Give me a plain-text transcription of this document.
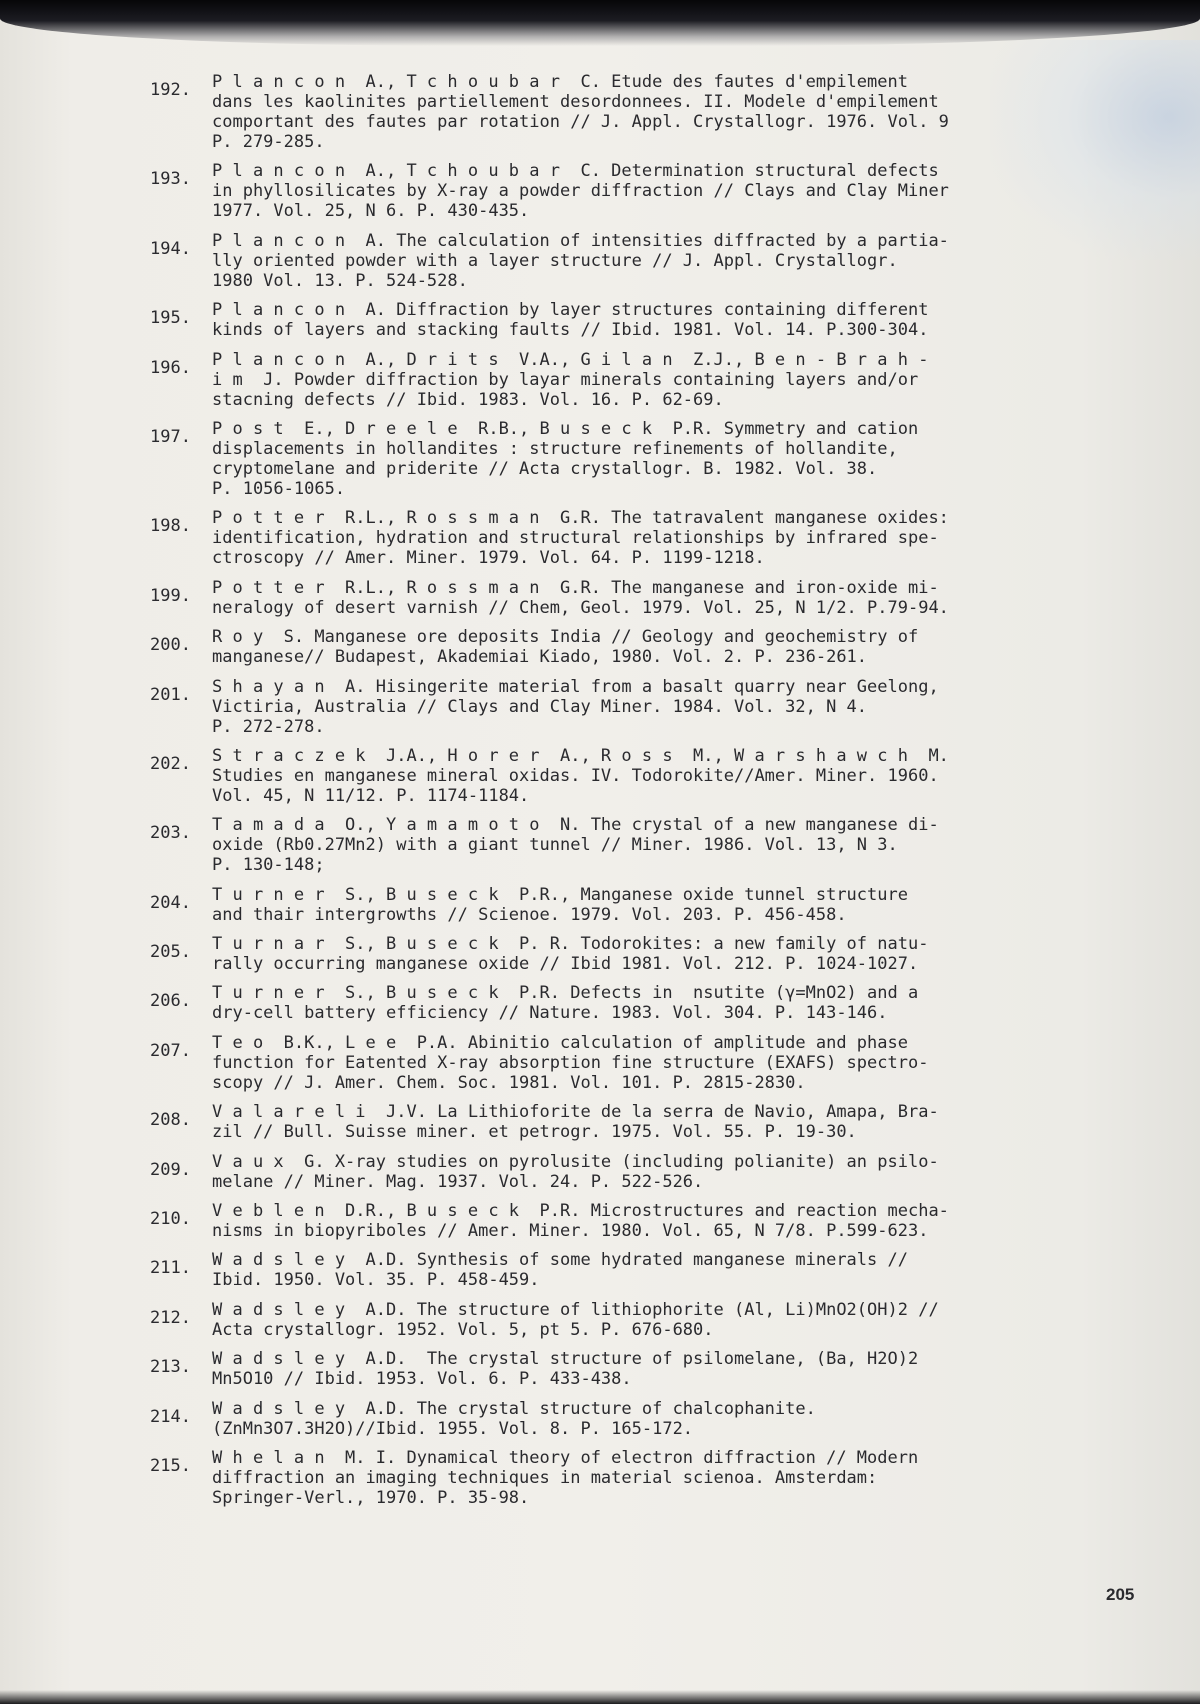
192.	P l a n c o n  A., T c h o u b a r  C. Etude des fautes d'empilement
dans les kaolinites partiellement desordonnees. II. Modele d'empilement
comportant des fautes par rotation // J. Appl. Crystallogr. 1976. Vol. 9
P. 279-285.
193.	P l a n c o n  A., T c h o u b a r  C. Determination structural defects
in phyllosilicates by X-ray a powder diffraction // Clays and Clay Miner
1977. Vol. 25, N 6. P. 430-435.
194.	P l a n c o n  A. The calculation of intensities diffracted by a partia-
lly oriented powder with a layer structure // J. Appl. Crystallogr.
1980 Vol. 13. P. 524-528.
195.	P l a n c o n  A. Diffraction by layer structures containing different
kinds of layers and stacking faults // Ibid. 1981. Vol. 14. P.300-304.
196.	P l a n c o n  A., D r i t s  V.A., G i l a n  Z.J., B e n - B r a h -
i m  J. Powder diffraction by layar minerals containing layers and/or
stacning defects // Ibid. 1983. Vol. 16. P. 62-69.
197.	P o s t  E., D r e e l e  R.B., B u s e c k  P.R. Symmetry and cation
displacements in hollandites : structure refinements of hollandite,
cryptomelane and priderite // Acta crystallogr. B. 1982. Vol. 38.
P. 1056-1065.
198.	P o t t e r  R.L., R o s s m a n  G.R. The tatravalent manganese oxides:
identification, hydration and structural relationships by infrared spe-
ctroscopy // Amer. Miner. 1979. Vol. 64. P. 1199-1218.
199.	P o t t e r  R.L., R o s s m a n  G.R. The manganese and iron-oxide mi-
neralogy of desert varnish // Chem, Geol. 1979. Vol. 25, N 1/2. P.79-94.
200.	R o y  S. Manganese ore deposits India // Geology and geochemistry of
manganese// Budapest, Akademiai Kiado, 1980. Vol. 2. P. 236-261.
201.	S h a y a n  A. Hisingerite material from a basalt quarry near Geelong,
Victiria, Australia // Clays and Clay Miner. 1984. Vol. 32, N 4.
P. 272-278.
202.	S t r a c z e k  J.A., H o r e r  A., R o s s  M., W a r s h a w c h  M.
Studies en manganese mineral oxidas. IV. Todorokite//Amer. Miner. 1960.
Vol. 45, N 11/12. P. 1174-1184.
203.	T a m a d a  O., Y a m a m o t o  N. The crystal of a new manganese di-
oxide (Rb0.27Mn2) with a giant tunnel // Miner. 1986. Vol. 13, N 3.
P. 130-148;
204.	T u r n e r  S., B u s e c k  P.R., Manganese oxide tunnel structure
and thair intergrowths // Scienoe. 1979. Vol. 203. P. 456-458.
205.	T u r n a r  S., B u s e c k  P. R. Todorokites: a new family of natu-
rally occurring manganese oxide // Ibid 1981. Vol. 212. P. 1024-1027.
206.	T u r n e r  S., B u s e c k  P.R. Defects in  nsutite (γ=MnO2) and a
dry-cell battery efficiency // Nature. 1983. Vol. 304. P. 143-146.
207.	T e o  B.K., L e e  P.A. Abinitio calculation of amplitude and phase
function for Eatented X-ray absorption fine structure (EXAFS) spectro-
scopy // J. Amer. Chem. Soc. 1981. Vol. 101. P. 2815-2830.
208.	V a l a r e l i  J.V. La Lithioforite de la serra de Navio, Amapa, Bra-
zil // Bull. Suisse miner. et petrogr. 1975. Vol. 55. P. 19-30.
209.	V a u x  G. X-ray studies on pyrolusite (including polianite) an psilo-
melane // Miner. Mag. 1937. Vol. 24. P. 522-526.
210.	V e b l e n  D.R., B u s e c k  P.R. Microstructures and reaction mecha-
nisms in biopyriboles // Amer. Miner. 1980. Vol. 65, N 7/8. P.599-623.
211.	W a d s l e y  A.D. Synthesis of some hydrated manganese minerals //
Ibid. 1950. Vol. 35. P. 458-459.
212.	W a d s l e y  A.D. The structure of lithiophorite (Al, Li)MnO2(OH)2 //
Acta crystallogr. 1952. Vol. 5, pt 5. P. 676-680.
213.	W a d s l e y  A.D.  The crystal structure of psilomelane, (Ba, H2O)2
Mn5O10 // Ibid. 1953. Vol. 6. P. 433-438.
214.	W a d s l e y  A.D. The crystal structure of chalcophanite.
(ZnMn3O7.3H2O)//Ibid. 1955. Vol. 8. P. 165-172.
215.	W h e l a n  M. I. Dynamical theory of electron diffraction // Modern
diffraction an imaging techniques in material scienoa. Amsterdam:
Springer-Verl., 1970. P. 35-98.
205
